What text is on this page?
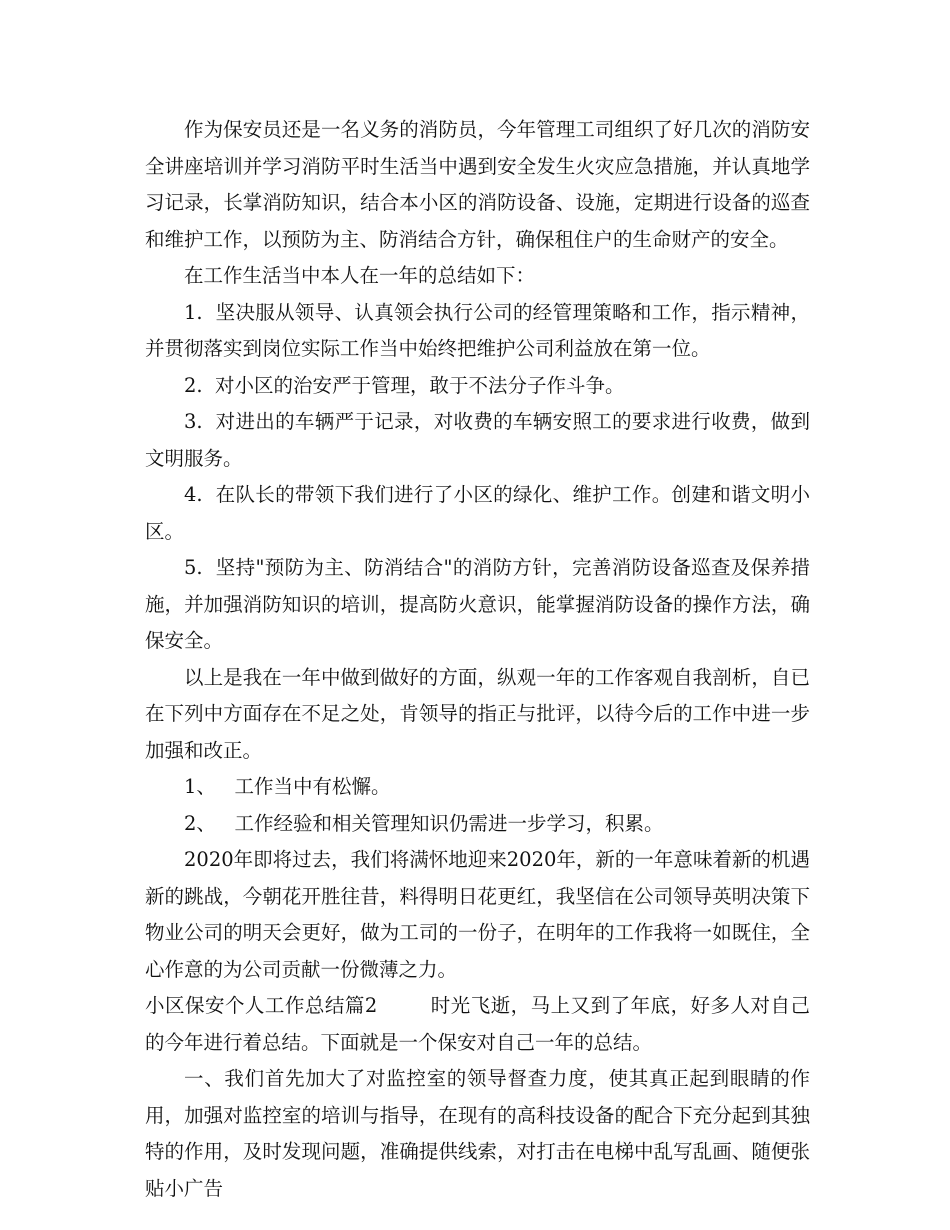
作为保安员还是一名义务的消防员，今年管理工司组织了好几次的消防安全讲座培训并学习消防平时生活当中遇到安全发生火灾应急措施，并认真地学习记录，长掌消防知识，结合本小区的消防设备、设施，定期进行设备的巡查和维护工作，以预防为主、防消结合方针，确保租住户的生命财产的安全。

在工作生活当中本人在一年的总结如下：

1.  坚决服从领导、认真领会执行公司的经管理策略和工作，指示精神，并贯彻落实到岗位实际工作当中始终把维护公司利益放在第一位。

2.  对小区的治安严于管理，敢于不法分子作斗争。

3.  对进出的车辆严于记录，对收费的车辆安照工的要求进行收费，做到文明服务。

4.  在队长的带领下我们进行了小区的绿化、维护工作。创建和谐文明小区。

5.  坚持"预防为主、防消结合"的消防方针，完善消防设备巡查及保养措施，并加强消防知识的培训，提高防火意识，能掌握消防设备的操作方法，确保安全。

以上是我在一年中做到做好的方面，纵观一年的工作客观自我剖析，自已在下列中方面存在不足之处，肯领导的指正与批评，以待今后的工作中进一步加强和改正。

1、   工作当中有松懈。

2、   工作经验和相关管理知识仍需进一步学习，积累。

2020年即将过去，我们将满怀地迎来2020年，新的一年意味着新的机遇新的跳战，今朝花开胜往昔，料得明日花更红，我坚信在公司领导英明决策下物业公司的明天会更好，做为工司的一份子，在明年的工作我将一如既住，全心作意的为公司贡献一份微薄之力。

小区保安个人工作总结篇2        时光飞逝，马上又到了年底，好多人对自己的今年进行着总结。下面就是一个保安对自己一年的总结。

一、我们首先加大了对监控室的领导督查力度，使其真正起到眼睛的作用，加强对监控室的培训与指导，在现有的高科技设备的配合下充分起到其独特的作用，及时发现问题，准确提供线索，对打击在电梯中乱写乱画、随便张贴小广告
